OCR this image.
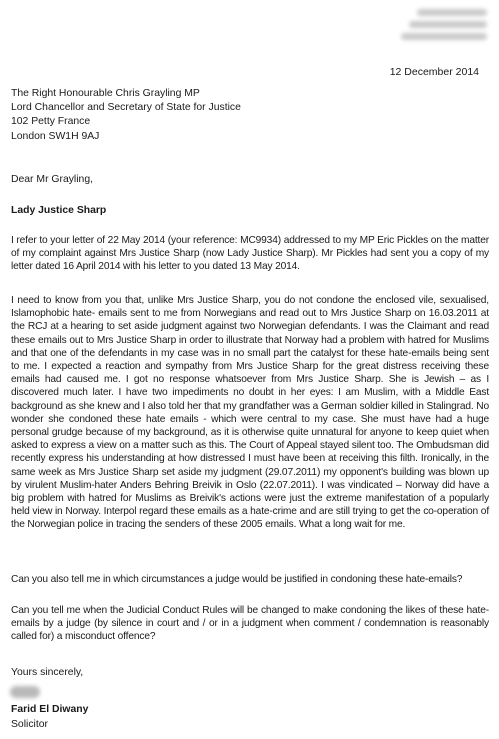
12 December 2014
The Right Honourable Chris Grayling MP
Lord Chancellor and Secretary of State for Justice
102 Petty France
London SW1H 9AJ
Dear Mr Grayling,
Lady Justice Sharp
I refer to your letter of 22 May 2014 (your reference: MC9934) addressed to my MP Eric Pickles on the matter of my complaint against Mrs Justice Sharp (now Lady Justice Sharp). Mr Pickles had sent you a copy of my letter dated 16 April 2014 with his letter to you dated 13 May 2014.
I need to know from you that, unlike Mrs Justice Sharp, you do not condone the enclosed vile, sexualised, Islamophobic hate- emails sent to me from Norwegians and read out to Mrs Justice Sharp on 16.03.2011 at the RCJ at a hearing to set aside judgment against two Norwegian defendants. I was the Claimant and read these emails out to Mrs Justice Sharp in order to illustrate that Norway had a problem with hatred for Muslims and that one of the defendants in my case was in no small part the catalyst for these hate-emails being sent to me. I expected a reaction and sympathy from Mrs Justice Sharp for the great distress receiving these emails had caused me. I got no response whatsoever from Mrs Justice Sharp. She is Jewish – as I discovered much later. I have two impediments no doubt in her eyes: I am Muslim, with a Middle East background as she knew and I also told her that my grandfather was a German soldier killed in Stalingrad. No wonder she condoned these hate emails - which were central to my case. She must have had a huge personal grudge because of my background, as it is otherwise quite unnatural for anyone to keep quiet when asked to express a view on a matter such as this. The Court of Appeal stayed silent too. The Ombudsman did recently express his understanding at how distressed I must have been at receiving this filth. Ironically, in the same week as Mrs Justice Sharp set aside my judgment (29.07.2011) my opponent's building was blown up by virulent Muslim-hater Anders Behring Breivik in Oslo (22.07.2011). I was vindicated – Norway did have a big problem with hatred for Muslims as Breivik's actions were just the extreme manifestation of a popularly held view in Norway. Interpol regard these emails as a hate-crime and are still trying to get the co-operation of the Norwegian police in tracing the senders of these 2005 emails. What a long wait for me.
Can you also tell me in which circumstances a judge would be justified in condoning these hate-emails?
Can you tell me when the Judicial Conduct Rules will be changed to make condoning the likes of these hate-emails by a judge (by silence in court and / or in a judgment when comment / condemnation is reasonably called for) a misconduct offence?
Yours sincerely,
Farid El Diwany
Solicitor
